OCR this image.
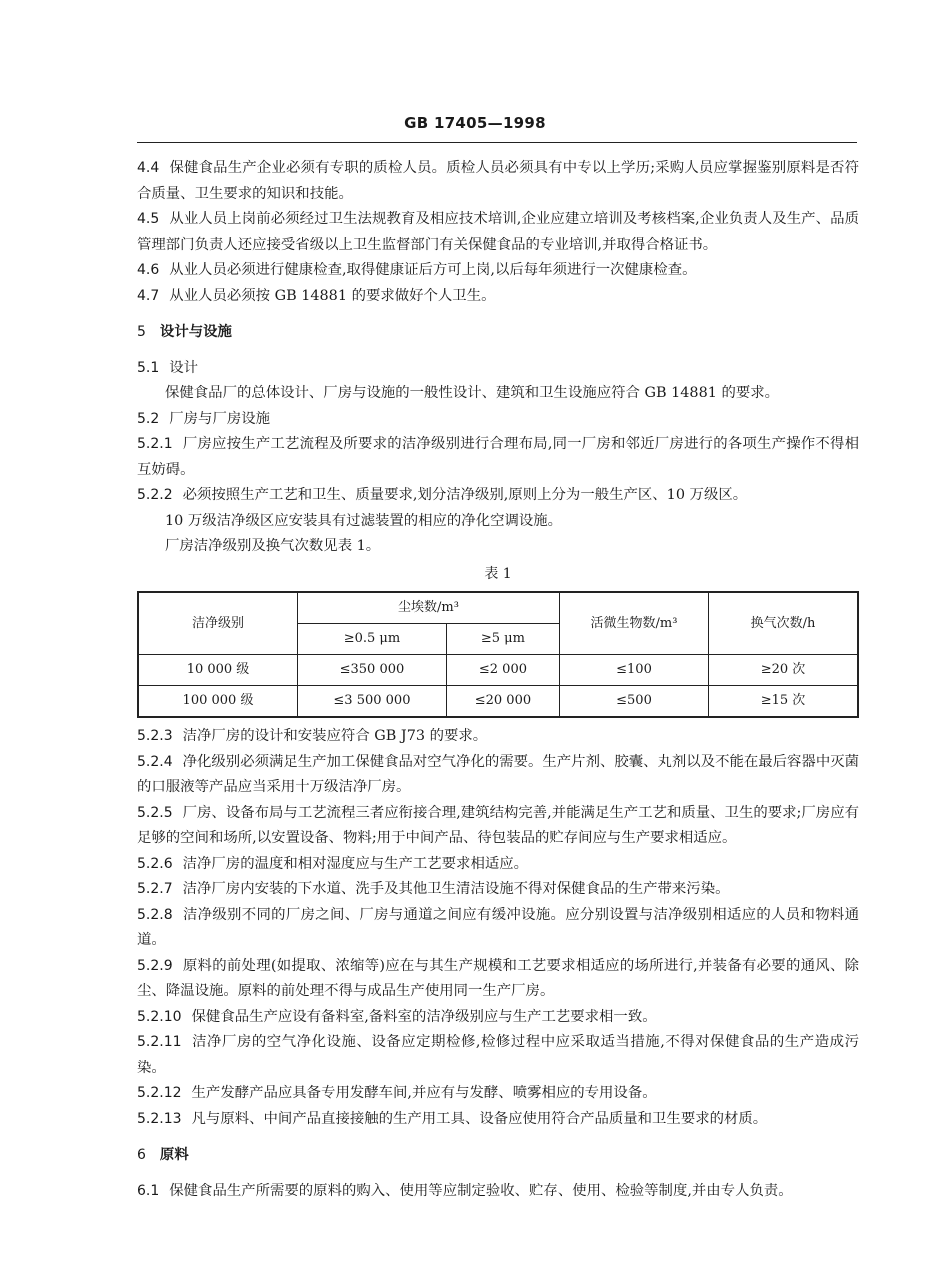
GB 17405—1998

4.4 保健食品生产企业必须有专职的质检人员。质检人员必须具有中专以上学历;采购人员应掌握鉴别原料是否符合质量、卫生要求的知识和技能。

4.5 从业人员上岗前必须经过卫生法规教育及相应技术培训,企业应建立培训及考核档案,企业负责人及生产、品质管理部门负责人还应接受省级以上卫生监督部门有关保健食品的专业培训,并取得合格证书。

4.6 从业人员必须进行健康检查,取得健康证后方可上岗,以后每年须进行一次健康检查。

4.7 从业人员必须按 GB 14881 的要求做好个人卫生。

5 设计与设施

5.1 设计

保健食品厂的总体设计、厂房与设施的一般性设计、建筑和卫生设施应符合 GB 14881 的要求。

5.2 厂房与厂房设施

5.2.1 厂房应按生产工艺流程及所要求的洁净级别进行合理布局,同一厂房和邻近厂房进行的各项生产操作不得相互妨碍。

5.2.2 必须按照生产工艺和卫生、质量要求,划分洁净级别,原则上分为一般生产区、10 万级区。

10 万级洁净级区应安装具有过滤装置的相应的净化空调设施。

厂房洁净级别及换气次数见表 1。

表 1
洁净级别	尘埃数/m³		活微生物数/m³	换气次数/h
	≥0.5 μm	≥5 μm		
10 000 级	≤350 000	≤2 000	≤100	≥20 次
100 000 级	≤3 500 000	≤20 000	≤500	≥15 次

5.2.3 洁净厂房的设计和安装应符合 GB J73 的要求。

5.2.4 净化级别必须满足生产加工保健食品对空气净化的需要。生产片剂、胶囊、丸剂以及不能在最后容器中灭菌的口服液等产品应当采用十万级洁净厂房。

5.2.5 厂房、设备布局与工艺流程三者应衔接合理,建筑结构完善,并能满足生产工艺和质量、卫生的要求;厂房应有足够的空间和场所,以安置设备、物料;用于中间产品、待包装品的贮存间应与生产要求相适应。

5.2.6 洁净厂房的温度和相对湿度应与生产工艺要求相适应。

5.2.7 洁净厂房内安装的下水道、洗手及其他卫生清洁设施不得对保健食品的生产带来污染。

5.2.8 洁净级别不同的厂房之间、厂房与通道之间应有缓冲设施。应分别设置与洁净级别相适应的人员和物料通道。

5.2.9 原料的前处理(如提取、浓缩等)应在与其生产规模和工艺要求相适应的场所进行,并装备有必要的通风、除尘、降温设施。原料的前处理不得与成品生产使用同一生产厂房。

5.2.10 保健食品生产应设有备料室,备料室的洁净级别应与生产工艺要求相一致。

5.2.11 洁净厂房的空气净化设施、设备应定期检修,检修过程中应采取适当措施,不得对保健食品的生产造成污染。

5.2.12 生产发酵产品应具备专用发酵车间,并应有与发酵、喷雾相应的专用设备。

5.2.13 凡与原料、中间产品直接接触的生产用工具、设备应使用符合产品质量和卫生要求的材质。

6 原料

6.1 保健食品生产所需要的原料的购入、使用等应制定验收、贮存、使用、检验等制度,并由专人负责。
